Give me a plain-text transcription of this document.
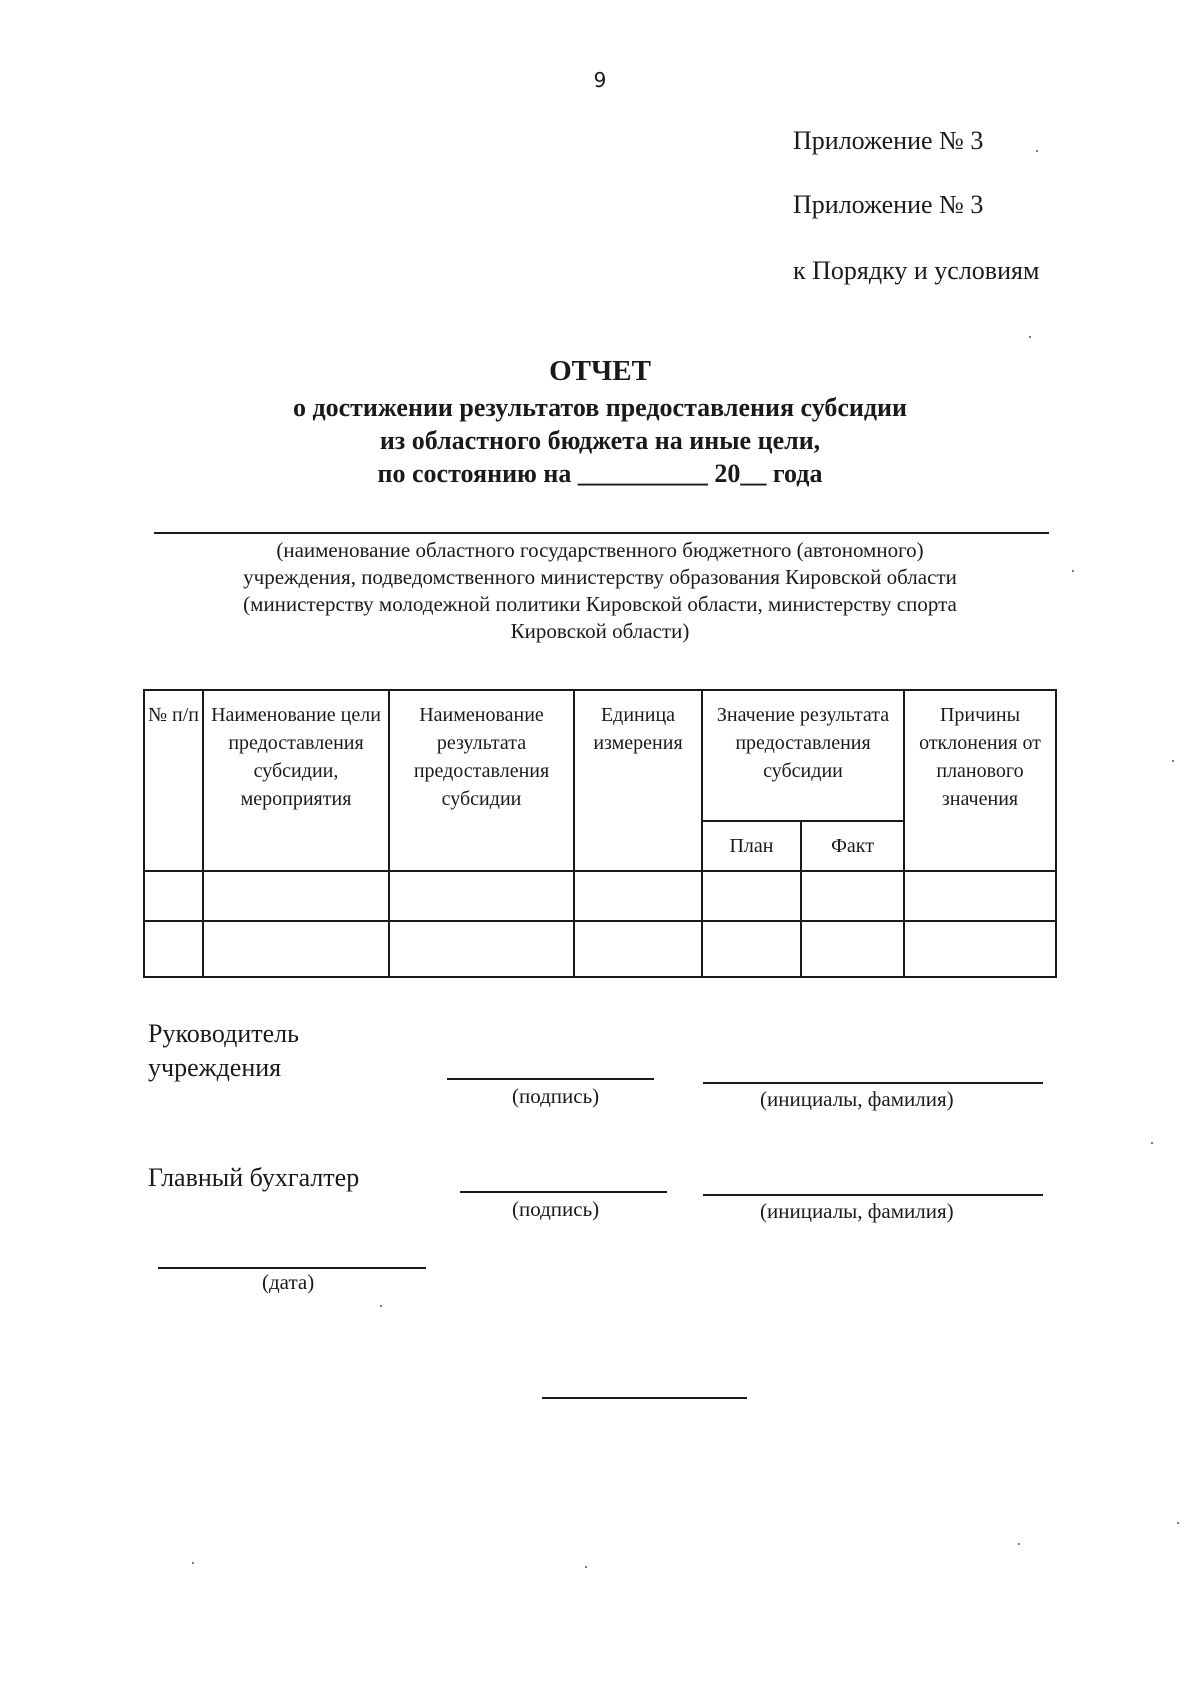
9
Приложение № 3
Приложение № 3
к Порядку и условиям
ОТЧЕТ
о достижении результатов предоставления субсидии
из областного бюджета на иные цели,
по состоянию на __________ 20__ года
(наименование областного государственного бюджетного (автономного)
учреждения, подведомственного министерству образования Кировской области
(министерству молодежной политики Кировской области, министерству спорта
Кировской области)
№ п/п	Наименование цели предоставления субсидии, мероприятия	Наименование результата предоставления субсидии	Единица измерения	Значение результата предоставления субсидии		Причины отклонения от планового значения
				План	Факт	

Руководитель
учреждения
(подпись)	(инициалы, фамилия)
Главный бухгалтер
(подпись)	(инициалы, фамилия)
(дата)
